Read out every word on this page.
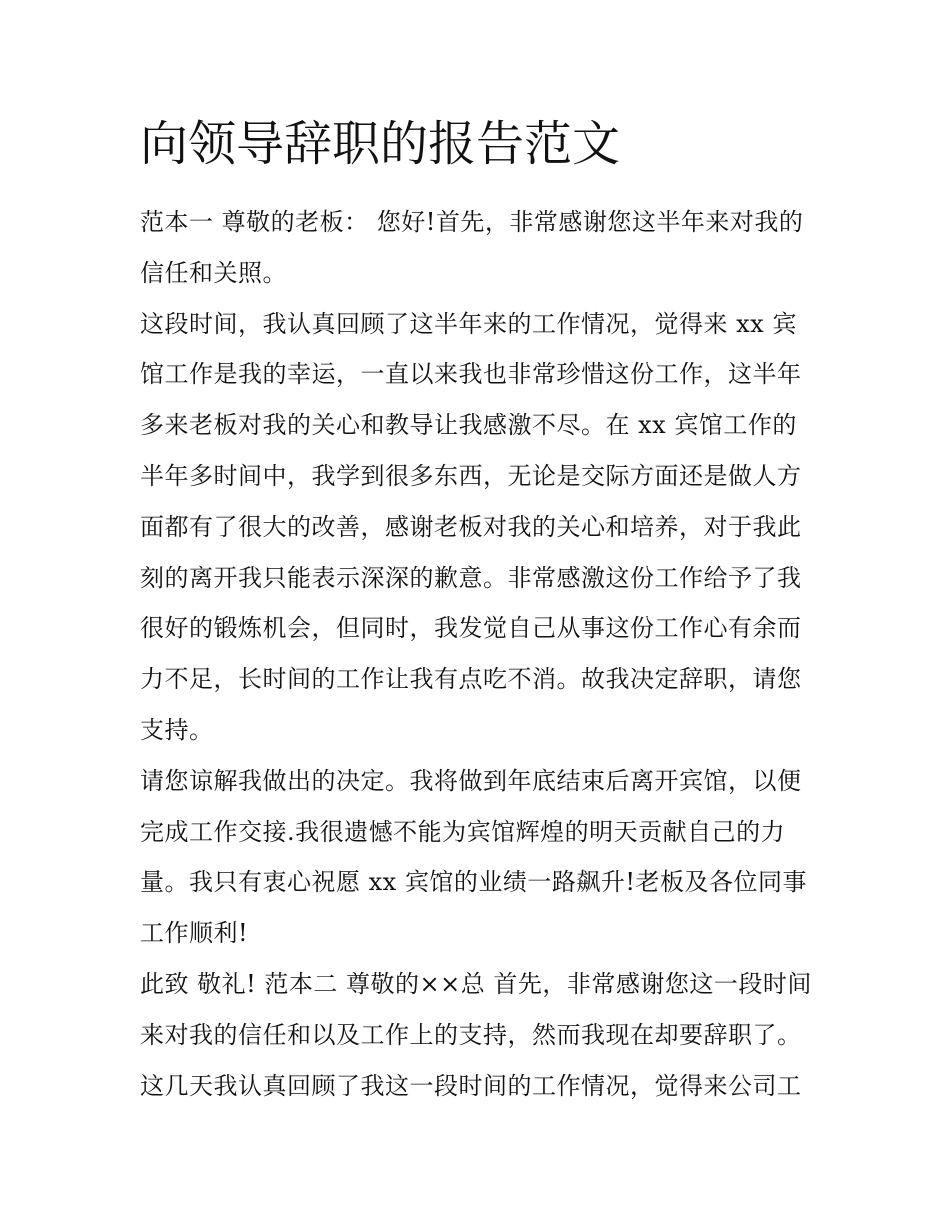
向领导辞职的报告范文

范本一 尊敬的老板： 您好!首先，非常感谢您这半年来对我的
信任和关照。

这段时间，我认真回顾了这半年来的工作情况，觉得来 xx 宾
馆工作是我的幸运，一直以来我也非常珍惜这份工作，这半年
多来老板对我的关心和教导让我感激不尽。在 xx 宾馆工作的
半年多时间中，我学到很多东西，无论是交际方面还是做人方
面都有了很大的改善，感谢老板对我的关心和培养，对于我此
刻的离开我只能表示深深的歉意。非常感激这份工作给予了我
很好的锻炼机会，但同时，我发觉自己从事这份工作心有余而
力不足，长时间的工作让我有点吃不消。故我决定辞职，请您
支持。

请您谅解我做出的决定。我将做到年底结束后离开宾馆，以便
完成工作交接.我很遗憾不能为宾馆辉煌的明天贡献自己的力
量。我只有衷心祝愿 xx 宾馆的业绩一路飙升!老板及各位同事
工作顺利!

此致 敬礼! 范本二 尊敬的××总 首先，非常感谢您这一段时间
来对我的信任和以及工作上的支持，然而我现在却要辞职了。
这几天我认真回顾了我这一段时间的工作情况，觉得来公司工
